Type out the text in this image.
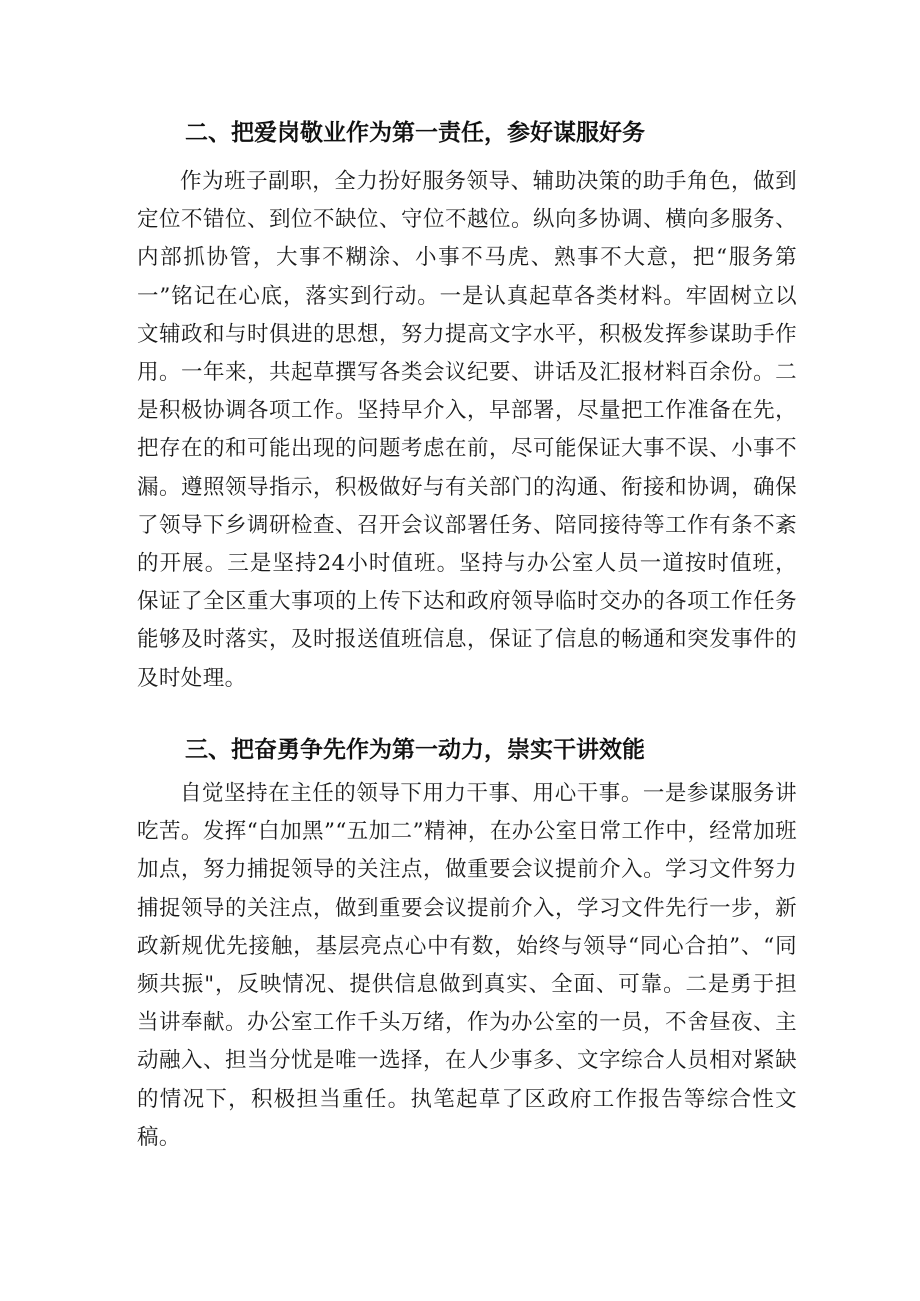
二、把爱岗敬业作为第一责任，参好谋服好务

作为班子副职，全力扮好服务领导、辅助决策的助手角色，做到定位不错位、到位不缺位、守位不越位。纵向多协调、横向多服务、内部抓协管，大事不糊涂、小事不马虎、熟事不大意，把“服务第一”铭记在心底，落实到行动。一是认真起草各类材料。牢固树立以文辅政和与时俱进的思想，努力提高文字水平，积极发挥参谋助手作用。一年来，共起草撰写各类会议纪要、讲话及汇报材料百余份。二是积极协调各项工作。坚持早介入，早部署，尽量把工作准备在先，把存在的和可能出现的问题考虑在前，尽可能保证大事不误、小事不漏。遵照领导指示，积极做好与有关部门的沟通、衔接和协调，确保了领导下乡调研检查、召开会议部署任务、陪同接待等工作有条不紊的开展。三是坚持24小时值班。坚持与办公室人员一道按时值班，保证了全区重大事项的上传下达和政府领导临时交办的各项工作任务能够及时落实，及时报送值班信息，保证了信息的畅通和突发事件的及时处理。

三、把奋勇争先作为第一动力，崇实干讲效能

自觉坚持在主任的领导下用力干事、用心干事。一是参谋服务讲吃苦。发挥“白加黑”“五加二”精神，在办公室日常工作中，经常加班加点，努力捕捉领导的关注点，做重要会议提前介入。学习文件努力捕捉领导的关注点，做到重要会议提前介入，学习文件先行一步，新政新规优先接触，基层亮点心中有数，始终与领导“同心合拍”、“同频共振"，反映情况、提供信息做到真实、全面、可靠。二是勇于担当讲奉献。办公室工作千头万绪，作为办公室的一员，不舍昼夜、主动融入、担当分忧是唯一选择，在人少事多、文字综合人员相对紧缺的情况下，积极担当重任。执笔起草了区政府工作报告等综合性文稿。
